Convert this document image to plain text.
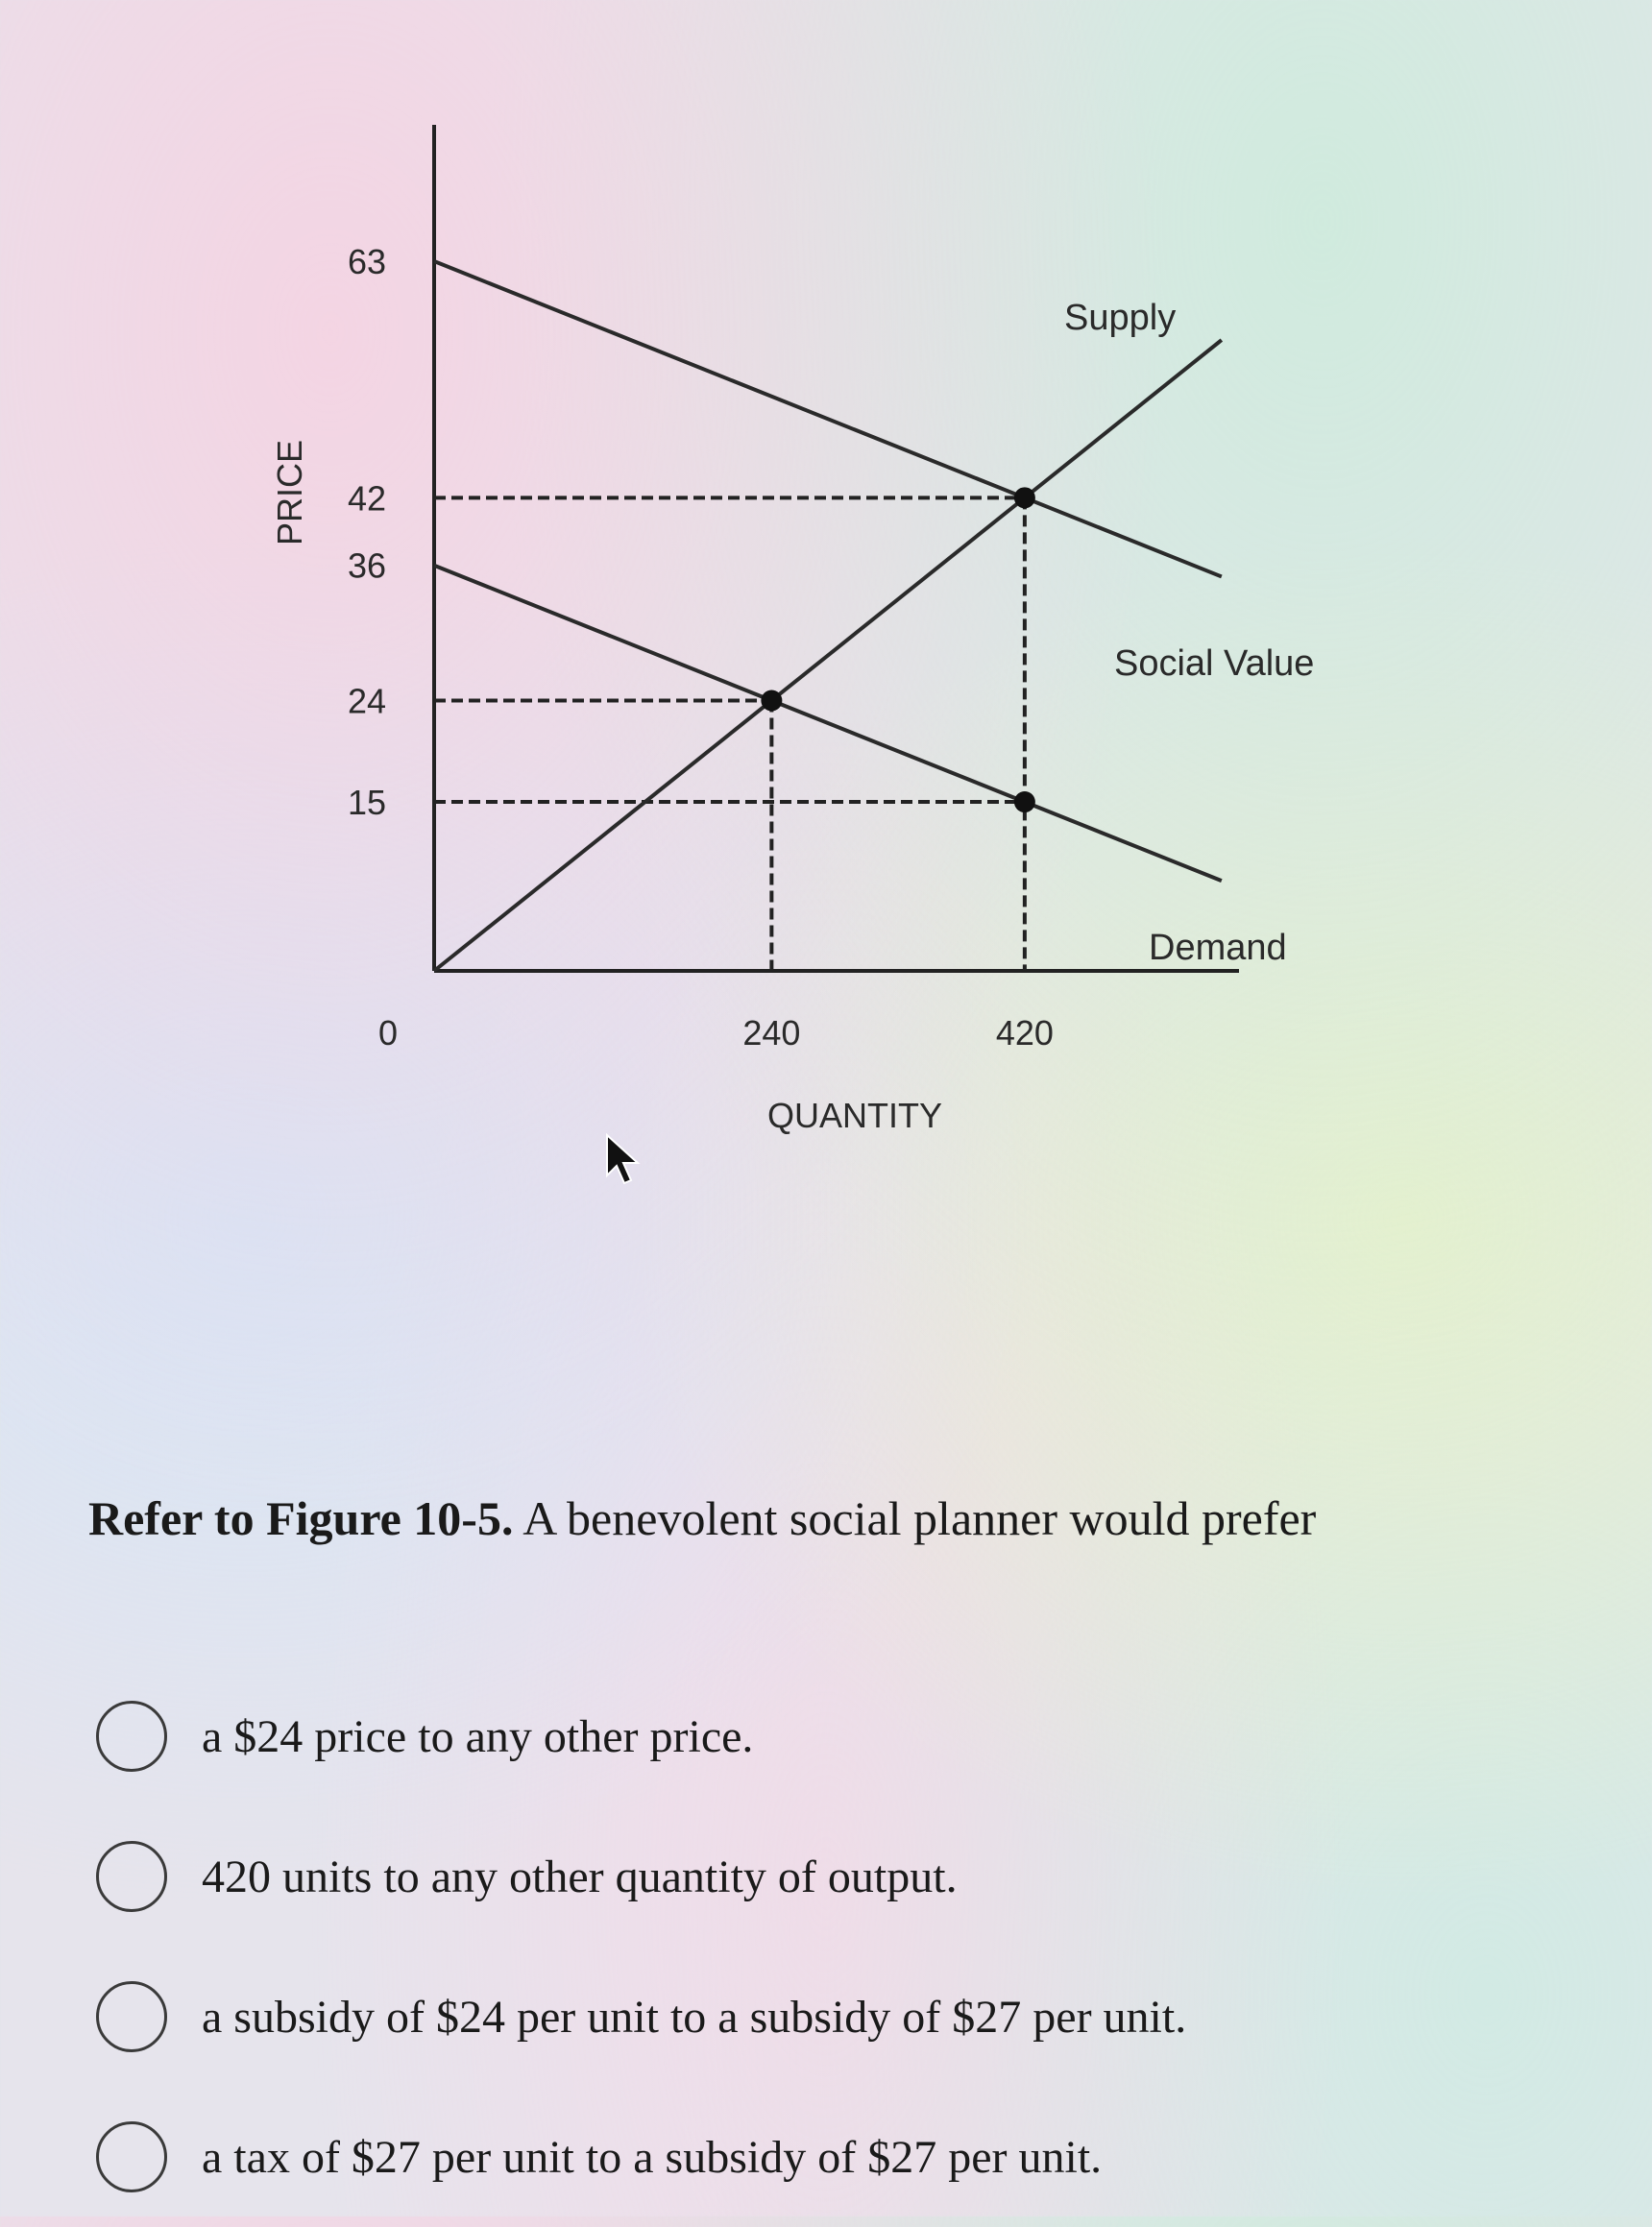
Supply
Social Value
Demand
63
42
36
24
15
0	240	420
QUANTITY
PRICE
Refer to Figure 10-5. A benevolent social planner would prefer
a $24 price to any other price.
420 units to any other quantity of output.
a subsidy of $24 per unit to a subsidy of $27 per unit.
a tax of $27 per unit to a subsidy of $27 per unit.
